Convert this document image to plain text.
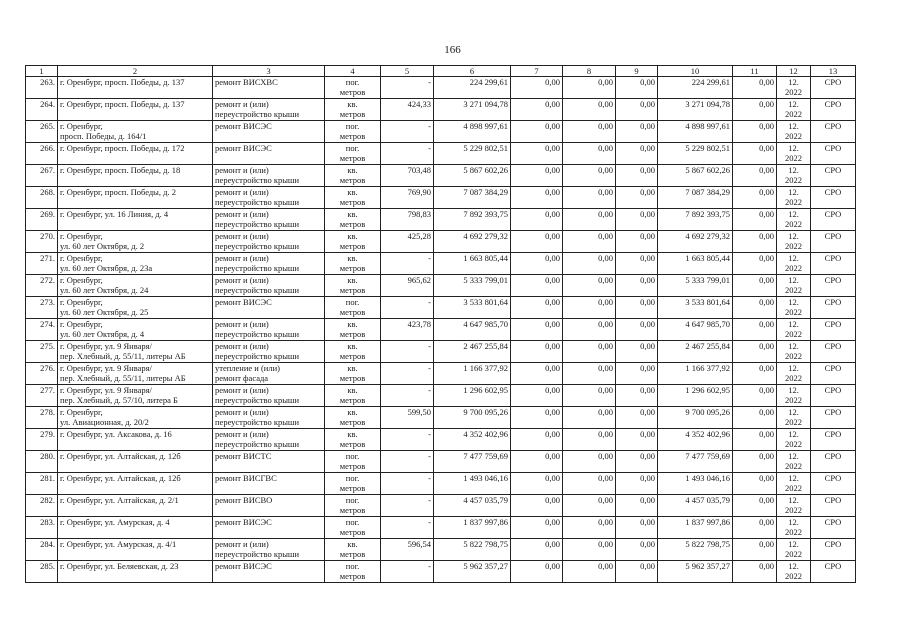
166
1	2	3	4	5	6	7	8	9	10	11	12	13
263.	г. Оренбург, просп. Победы, д. 137	ремонт ВИСХВС	пог.
метров	-	224 299,61	0,00	0,00	0,00	224 299,61	0,00	12.
2022	СРО
264.	г. Оренбург, просп. Победы, д. 137	ремонт и (или)
переустройство крыши	кв.
метров	424,33	3 271 094,78	0,00	0,00	0,00	3 271 094,78	0,00	12.
2022	СРО
265.	г. Оренбург,
просп. Победы, д. 164/1	ремонт ВИСЭС	пог.
метров	-	4 898 997,61	0,00	0,00	0,00	4 898 997,61	0,00	12.
2022	СРО
266.	г. Оренбург, просп. Победы, д. 172	ремонт ВИСЭС	пог.
метров	-	5 229 802,51	0,00	0,00	0,00	5 229 802,51	0,00	12.
2022	СРО
267.	г. Оренбург, просп. Победы, д. 18	ремонт и (или)
переустройство крыши	кв.
метров	703,48	5 867 602,26	0,00	0,00	0,00	5 867 602,26	0,00	12.
2022	СРО
268.	г. Оренбург, просп. Победы, д. 2	ремонт и (или)
переустройство крыши	кв.
метров	769,90	7 087 384,29	0,00	0,00	0,00	7 087 384,29	0,00	12.
2022	СРО
269.	г. Оренбург, ул. 16 Линия, д. 4	ремонт и (или)
переустройство крыши	кв.
метров	798,83	7 892 393,75	0,00	0,00	0,00	7 892 393,75	0,00	12.
2022	СРО
270.	г. Оренбург,
ул. 60 лет Октября, д. 2	ремонт и (или)
переустройство крыши	кв.
метров	425,28	4 692 279,32	0,00	0,00	0,00	4 692 279,32	0,00	12.
2022	СРО
271.	г. Оренбург,
ул. 60 лет Октября, д. 23а	ремонт и (или)
переустройство крыши	кв.
метров	-	1 663 805,44	0,00	0,00	0,00	1 663 805,44	0,00	12.
2022	СРО
272.	г. Оренбург,
ул. 60 лет Октября, д. 24	ремонт и (или)
переустройство крыши	кв.
метров	965,62	5 333 799,01	0,00	0,00	0,00	5 333 799,01	0,00	12.
2022	СРО
273.	г. Оренбург,
ул. 60 лет Октября, д. 25	ремонт ВИСЭС	пог.
метров	-	3 533 801,64	0,00	0,00	0,00	3 533 801,64	0,00	12.
2022	СРО
274.	г. Оренбург,
ул. 60 лет Октября, д. 4	ремонт и (или)
переустройство крыши	кв.
метров	423,78	4 647 985,70	0,00	0,00	0,00	4 647 985,70	0,00	12.
2022	СРО
275.	г. Оренбург, ул. 9 Января/
пер. Хлебный, д. 55/11, литеры АБ	ремонт и (или)
переустройство крыши	кв.
метров	-	2 467 255,84	0,00	0,00	0,00	2 467 255,84	0,00	12.
2022	СРО
276.	г. Оренбург, ул. 9 Января/
пер. Хлебный, д. 55/11, литеры АБ	утепление и (или)
ремонт фасада	кв.
метров	-	1 166 377,92	0,00	0,00	0,00	1 166 377,92	0,00	12.
2022	СРО
277.	г. Оренбург, ул. 9 Января/
пер. Хлебный, д. 57/10, литера Б	ремонт и (или)
переустройство крыши	кв.
метров	-	1 296 602,95	0,00	0,00	0,00	1 296 602,95	0,00	12.
2022	СРО
278.	г. Оренбург,
ул. Авиационная, д. 20/2	ремонт и (или)
переустройство крыши	кв.
метров	599,50	9 700 095,26	0,00	0,00	0,00	9 700 095,26	0,00	12.
2022	СРО
279.	г. Оренбург, ул. Аксакова, д. 16	ремонт и (или)
переустройство крыши	кв.
метров	-	4 352 402,96	0,00	0,00	0,00	4 352 402,96	0,00	12.
2022	СРО
280.	г. Оренбург, ул. Алтайская, д. 12б	ремонт ВИСТС	пог.
метров	-	7 477 759,69	0,00	0,00	0,00	7 477 759,69	0,00	12.
2022	СРО
281.	г. Оренбург, ул. Алтайская, д. 12б	ремонт ВИСГВС	пог.
метров	-	1 493 046,16	0,00	0,00	0,00	1 493 046,16	0,00	12.
2022	СРО
282.	г. Оренбург, ул. Алтайская, д. 2/1	ремонт ВИСВО	пог.
метров	-	4 457 035,79	0,00	0,00	0,00	4 457 035,79	0,00	12.
2022	СРО
283.	г. Оренбург, ул. Амурская, д. 4	ремонт ВИСЭС	пог.
метров	-	1 837 997,86	0,00	0,00	0,00	1 837 997,86	0,00	12.
2022	СРО
284.	г. Оренбург, ул. Амурская, д. 4/1	ремонт и (или)
переустройство крыши	кв.
метров	596,54	5 822 798,75	0,00	0,00	0,00	5 822 798,75	0,00	12.
2022	СРО
285.	г. Оренбург, ул. Беляевская, д. 23	ремонт ВИСЭС	пог.
метров	-	5 962 357,27	0,00	0,00	0,00	5 962 357,27	0,00	12.
2022	СРО
